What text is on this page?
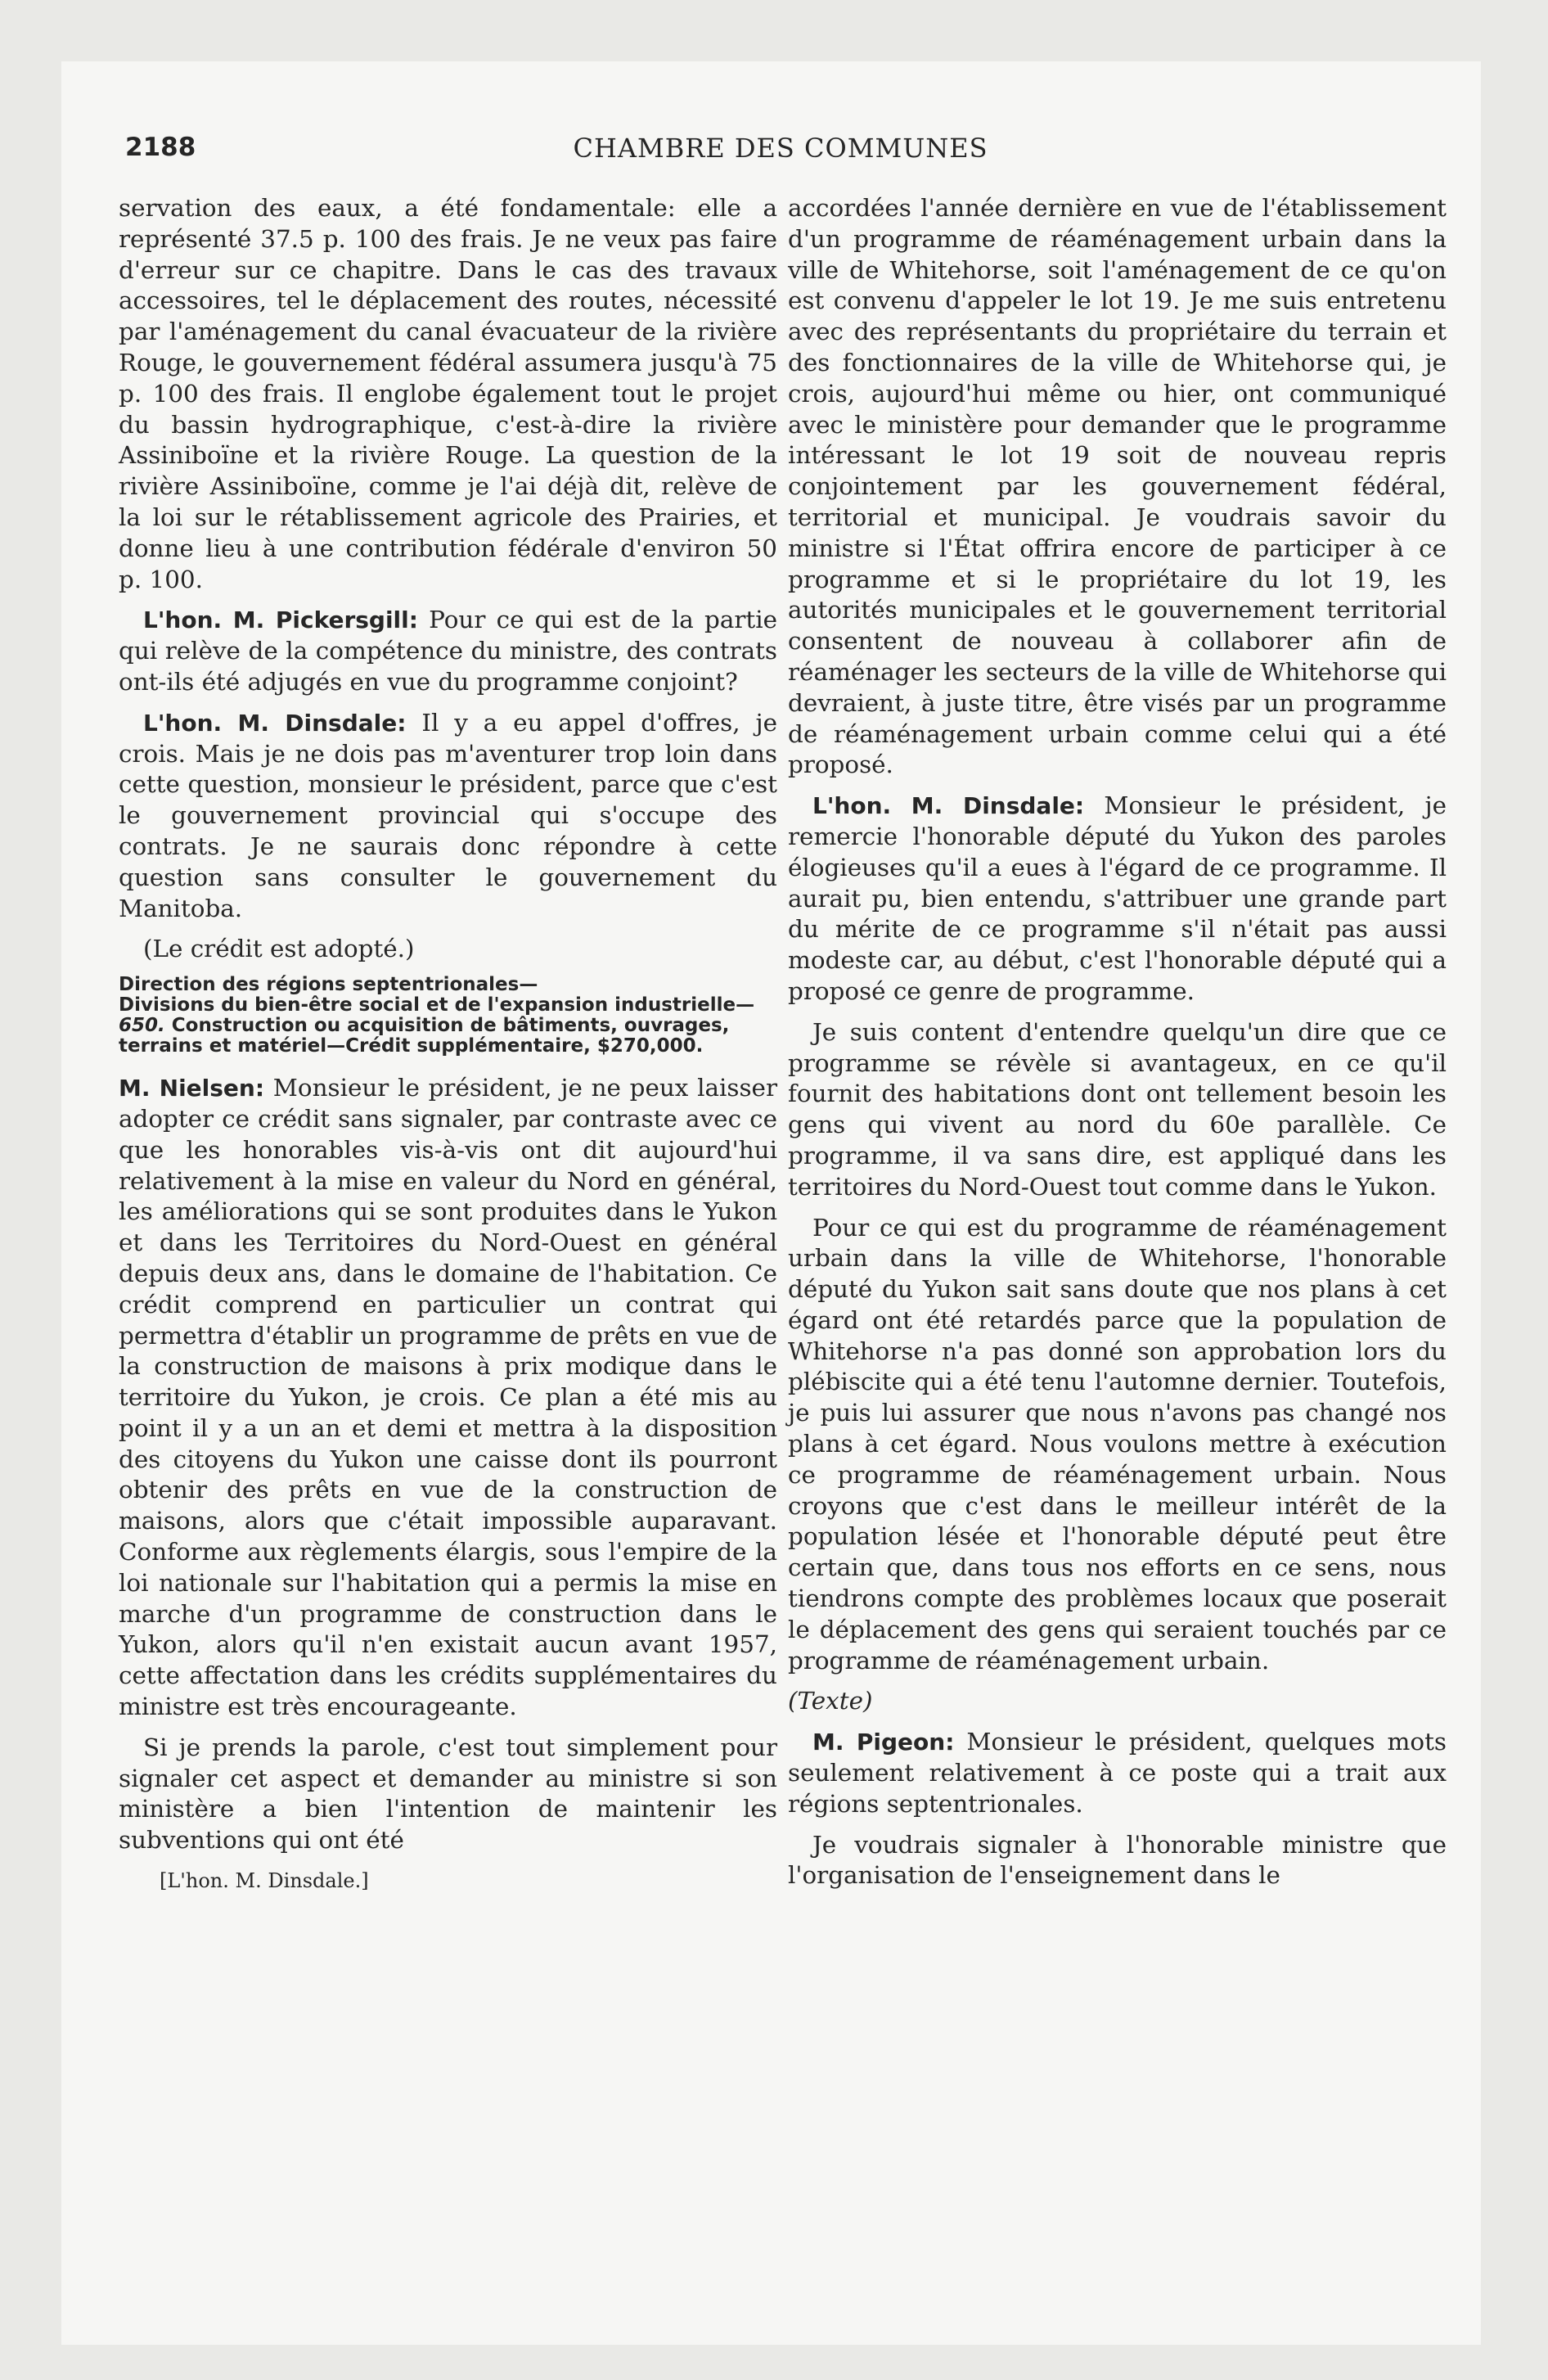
2188	CHAMBRE DES COMMUNES

servation des eaux, a été fondamentale: elle a représenté 37.5 p. 100 des frais. Je ne veux pas faire d'erreur sur ce chapitre. Dans le cas des travaux accessoires, tel le déplacement des routes, nécessité par l'aménagement du canal évacuateur de la rivière Rouge, le gouvernement fédéral assumera jusqu'à 75 p. 100 des frais. Il englobe également tout le projet du bassin hydrographique, c'est-à-dire la rivière Assiniboïne et la rivière Rouge. La question de la rivière Assiniboïne, comme je l'ai déjà dit, relève de la loi sur le rétablissement agricole des Prairies, et donne lieu à une contribution fédérale d'environ 50 p. 100.

L'hon. M. Pickersgill: Pour ce qui est de la partie qui relève de la compétence du ministre, des contrats ont-ils été adjugés en vue du programme conjoint?

L'hon. M. Dinsdale: Il y a eu appel d'offres, je crois. Mais je ne dois pas m'aventurer trop loin dans cette question, monsieur le président, parce que c'est le gouvernement provincial qui s'occupe des contrats. Je ne saurais donc répondre à cette question sans consulter le gouvernement du Manitoba.

(Le crédit est adopté.)

Direction des régions septentrionales—
Divisions du bien-être social et de l'expansion industrielle—
650. Construction ou acquisition de bâtiments, ouvrages, terrains et matériel—Crédit supplémentaire, $270,000.

M. Nielsen: Monsieur le président, je ne peux laisser adopter ce crédit sans signaler, par contraste avec ce que les honorables vis-à-vis ont dit aujourd'hui relativement à la mise en valeur du Nord en général, les améliorations qui se sont produites dans le Yukon et dans les Territoires du Nord-Ouest en général depuis deux ans, dans le domaine de l'habitation. Ce crédit comprend en particulier un contrat qui permettra d'établir un programme de prêts en vue de la construction de maisons à prix modique dans le territoire du Yukon, je crois. Ce plan a été mis au point il y a un an et demi et mettra à la disposition des citoyens du Yukon une caisse dont ils pourront obtenir des prêts en vue de la construction de maisons, alors que c'était impossible auparavant. Conforme aux règlements élargis, sous l'empire de la loi nationale sur l'habitation qui a permis la mise en marche d'un programme de construction dans le Yukon, alors qu'il n'en existait aucun avant 1957, cette affectation dans les crédits supplémentaires du ministre est très encourageante.

Si je prends la parole, c'est tout simplement pour signaler cet aspect et demander au ministre si son ministère a bien l'intention de maintenir les subventions qui ont été

[L'hon. M. Dinsdale.]

accordées l'année dernière en vue de l'établissement d'un programme de réaménagement urbain dans la ville de Whitehorse, soit l'aménagement de ce qu'on est convenu d'appeler le lot 19. Je me suis entretenu avec des représentants du propriétaire du terrain et des fonctionnaires de la ville de Whitehorse qui, je crois, aujourd'hui même ou hier, ont communiqué avec le ministère pour demander que le programme intéressant le lot 19 soit de nouveau repris conjointement par les gouvernement fédéral, territorial et municipal. Je voudrais savoir du ministre si l'État offrira encore de participer à ce programme et si le propriétaire du lot 19, les autorités municipales et le gouvernement territorial consentent de nouveau à collaborer afin de réaménager les secteurs de la ville de Whitehorse qui devraient, à juste titre, être visés par un programme de réaménagement urbain comme celui qui a été proposé.

L'hon. M. Dinsdale: Monsieur le président, je remercie l'honorable député du Yukon des paroles élogieuses qu'il a eues à l'égard de ce programme. Il aurait pu, bien entendu, s'attribuer une grande part du mérite de ce programme s'il n'était pas aussi modeste car, au début, c'est l'honorable député qui a proposé ce genre de programme.

Je suis content d'entendre quelqu'un dire que ce programme se révèle si avantageux, en ce qu'il fournit des habitations dont ont tellement besoin les gens qui vivent au nord du 60e parallèle. Ce programme, il va sans dire, est appliqué dans les territoires du Nord-Ouest tout comme dans le Yukon.

Pour ce qui est du programme de réaménagement urbain dans la ville de Whitehorse, l'honorable député du Yukon sait sans doute que nos plans à cet égard ont été retardés parce que la population de Whitehorse n'a pas donné son approbation lors du plébiscite qui a été tenu l'automne dernier. Toutefois, je puis lui assurer que nous n'avons pas changé nos plans à cet égard. Nous voulons mettre à exécution ce programme de réaménagement urbain. Nous croyons que c'est dans le meilleur intérêt de la population lésée et l'honorable député peut être certain que, dans tous nos efforts en ce sens, nous tiendrons compte des problèmes locaux que poserait le déplacement des gens qui seraient touchés par ce programme de réaménagement urbain.

(Texte)

M. Pigeon: Monsieur le président, quelques mots seulement relativement à ce poste qui a trait aux régions septentrionales.

Je voudrais signaler à l'honorable ministre que l'organisation de l'enseignement dans le
